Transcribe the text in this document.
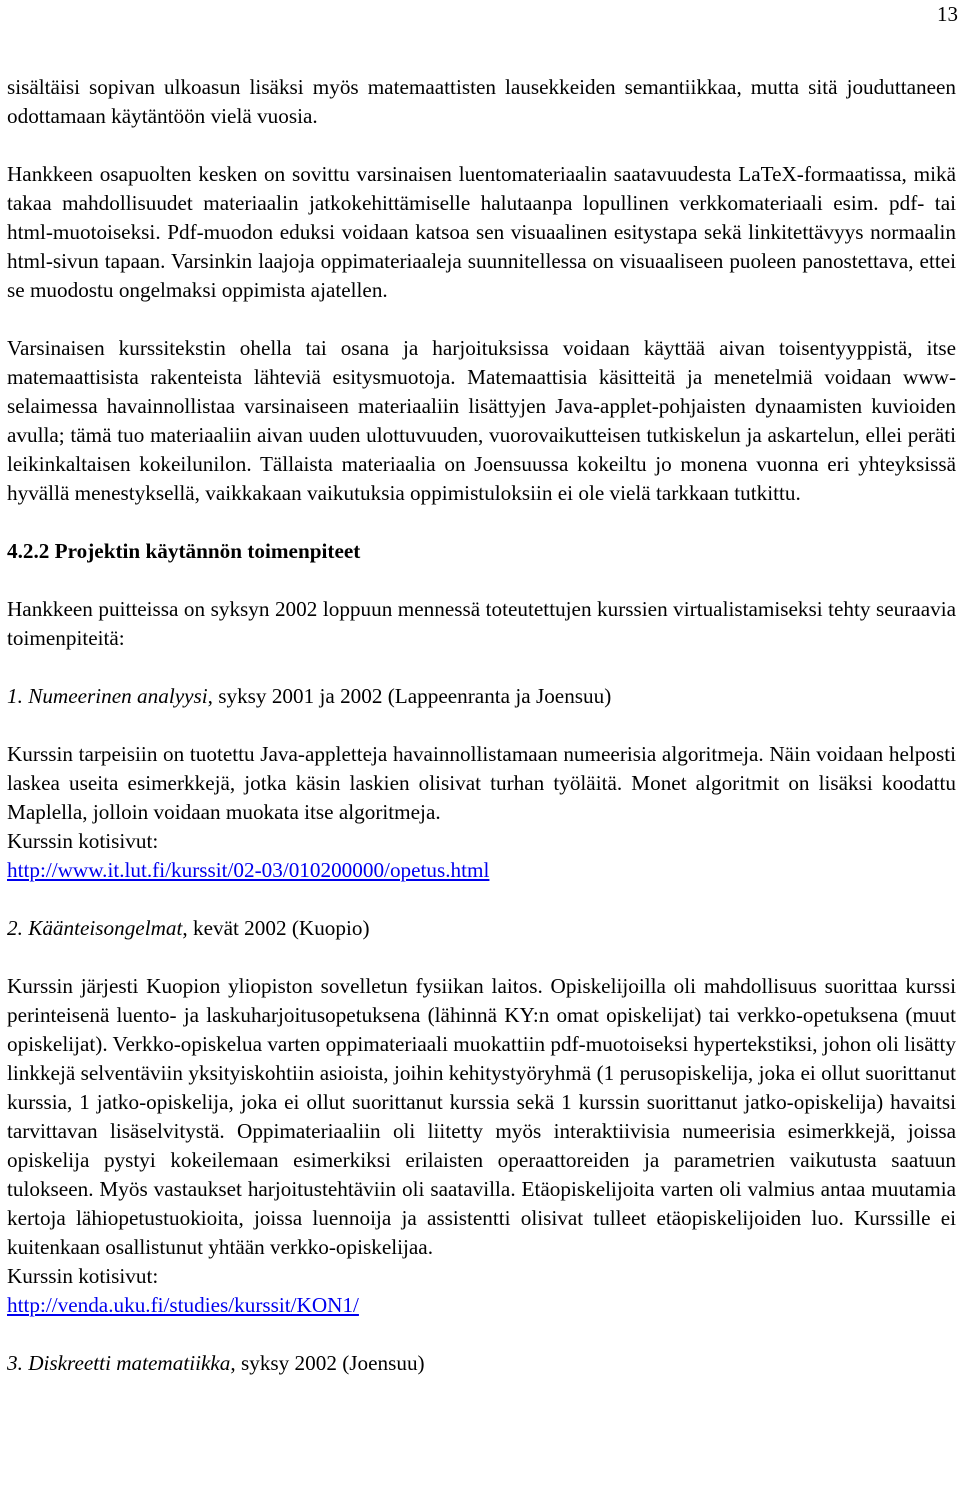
13

sisältäisi sopivan ulkoasun lisäksi myös matemaattisten lausekkeiden semantiikkaa, mutta sitä jouduttaneen odottamaan käytäntöön vielä vuosia.

Hankkeen osapuolten kesken on sovittu varsinaisen luentomateriaalin saatavuudesta LaTeX-formaatissa, mikä takaa mahdollisuudet materiaalin jatkokehittämiselle halutaanpa lopullinen verkkomateriaali esim. pdf- tai html-muotoiseksi. Pdf-muodon eduksi voidaan katsoa sen visuaalinen esitystapa sekä linkitettävyys normaalin html-sivun tapaan. Varsinkin laajoja oppimateriaaleja suunnitellessa on visuaaliseen puoleen panostettava, ettei se muodostu ongelmaksi oppimista ajatellen.

Varsinaisen kurssitekstin ohella tai osana ja harjoituksissa voidaan käyttää aivan toisentyyppistä, itse matemaattisista rakenteista lähteviä esitysmuotoja. Matemaattisia käsitteitä ja menetelmiä voidaan www-selaimessa havainnollistaa varsinaiseen materiaaliin lisättyjen Java-applet-pohjaisten dynaamisten kuvioiden avulla; tämä tuo materiaaliin aivan uuden ulottuvuuden, vuorovaikutteisen tutkiskelun ja askartelun, ellei peräti leikinkaltaisen kokeilunilon. Tällaista materiaalia on Joensuussa kokeiltu jo monena vuonna eri yhteyksissä hyvällä menestyksellä, vaikkakaan vaikutuksia oppimistuloksiin ei ole vielä tarkkaan tutkittu.

4.2.2 Projektin käytännön toimenpiteet

Hankkeen puitteissa on syksyn 2002 loppuun mennessä toteutettujen kurssien virtualistamiseksi tehty seuraavia toimenpiteitä:

1. Numeerinen analyysi, syksy 2001 ja 2002 (Lappeenranta ja Joensuu)

Kurssin tarpeisiin on tuotettu Java-appletteja havainnollistamaan numeerisia algoritmeja. Näin voidaan helposti laskea useita esimerkkejä, jotka käsin laskien olisivat turhan työläitä. Monet algoritmit on lisäksi koodattu Maplella, jolloin voidaan muokata itse algoritmeja.

Kurssin kotisivut:

http://www.it.lut.fi/kurssit/02-03/010200000/opetus.html

2. Käänteisongelmat, kevät 2002 (Kuopio)

Kurssin järjesti Kuopion yliopiston sovelletun fysiikan laitos. Opiskelijoilla oli mahdollisuus suorittaa kurssi perinteisenä luento- ja laskuharjoitusopetuksena (lähinnä KY:n omat opiskelijat) tai verkko-opetuksena (muut opiskelijat). Verkko-opiskelua varten oppimateriaali muokattiin pdf-muotoiseksi hypertekstiksi, johon oli lisätty linkkejä selventäviin yksityiskohtiin asioista, joihin kehitystyöryhmä (1 perusopiskelija, joka ei ollut suorittanut kurssia, 1 jatko-opiskelija, joka ei ollut suorittanut kurssia sekä 1 kurssin suorittanut jatko-opiskelija) havaitsi tarvittavan lisäselvitystä. Oppimateriaaliin oli liitetty myös interaktiivisia numeerisia esimerkkejä, joissa opiskelija pystyi kokeilemaan esimerkiksi erilaisten operaattoreiden ja parametrien vaikutusta saatuun tulokseen. Myös vastaukset harjoitustehtäviin oli saatavilla. Etäopiskelijoita varten oli valmius antaa muutamia kertoja lähiopetustuokioita, joissa luennoija ja assistentti olisivat tulleet etäopiskelijoiden luo. Kurssille ei kuitenkaan osallistunut yhtään verkko-opiskelijaa.

Kurssin kotisivut:

http://venda.uku.fi/studies/kurssit/KON1/

3. Diskreetti matematiikka, syksy 2002 (Joensuu)
